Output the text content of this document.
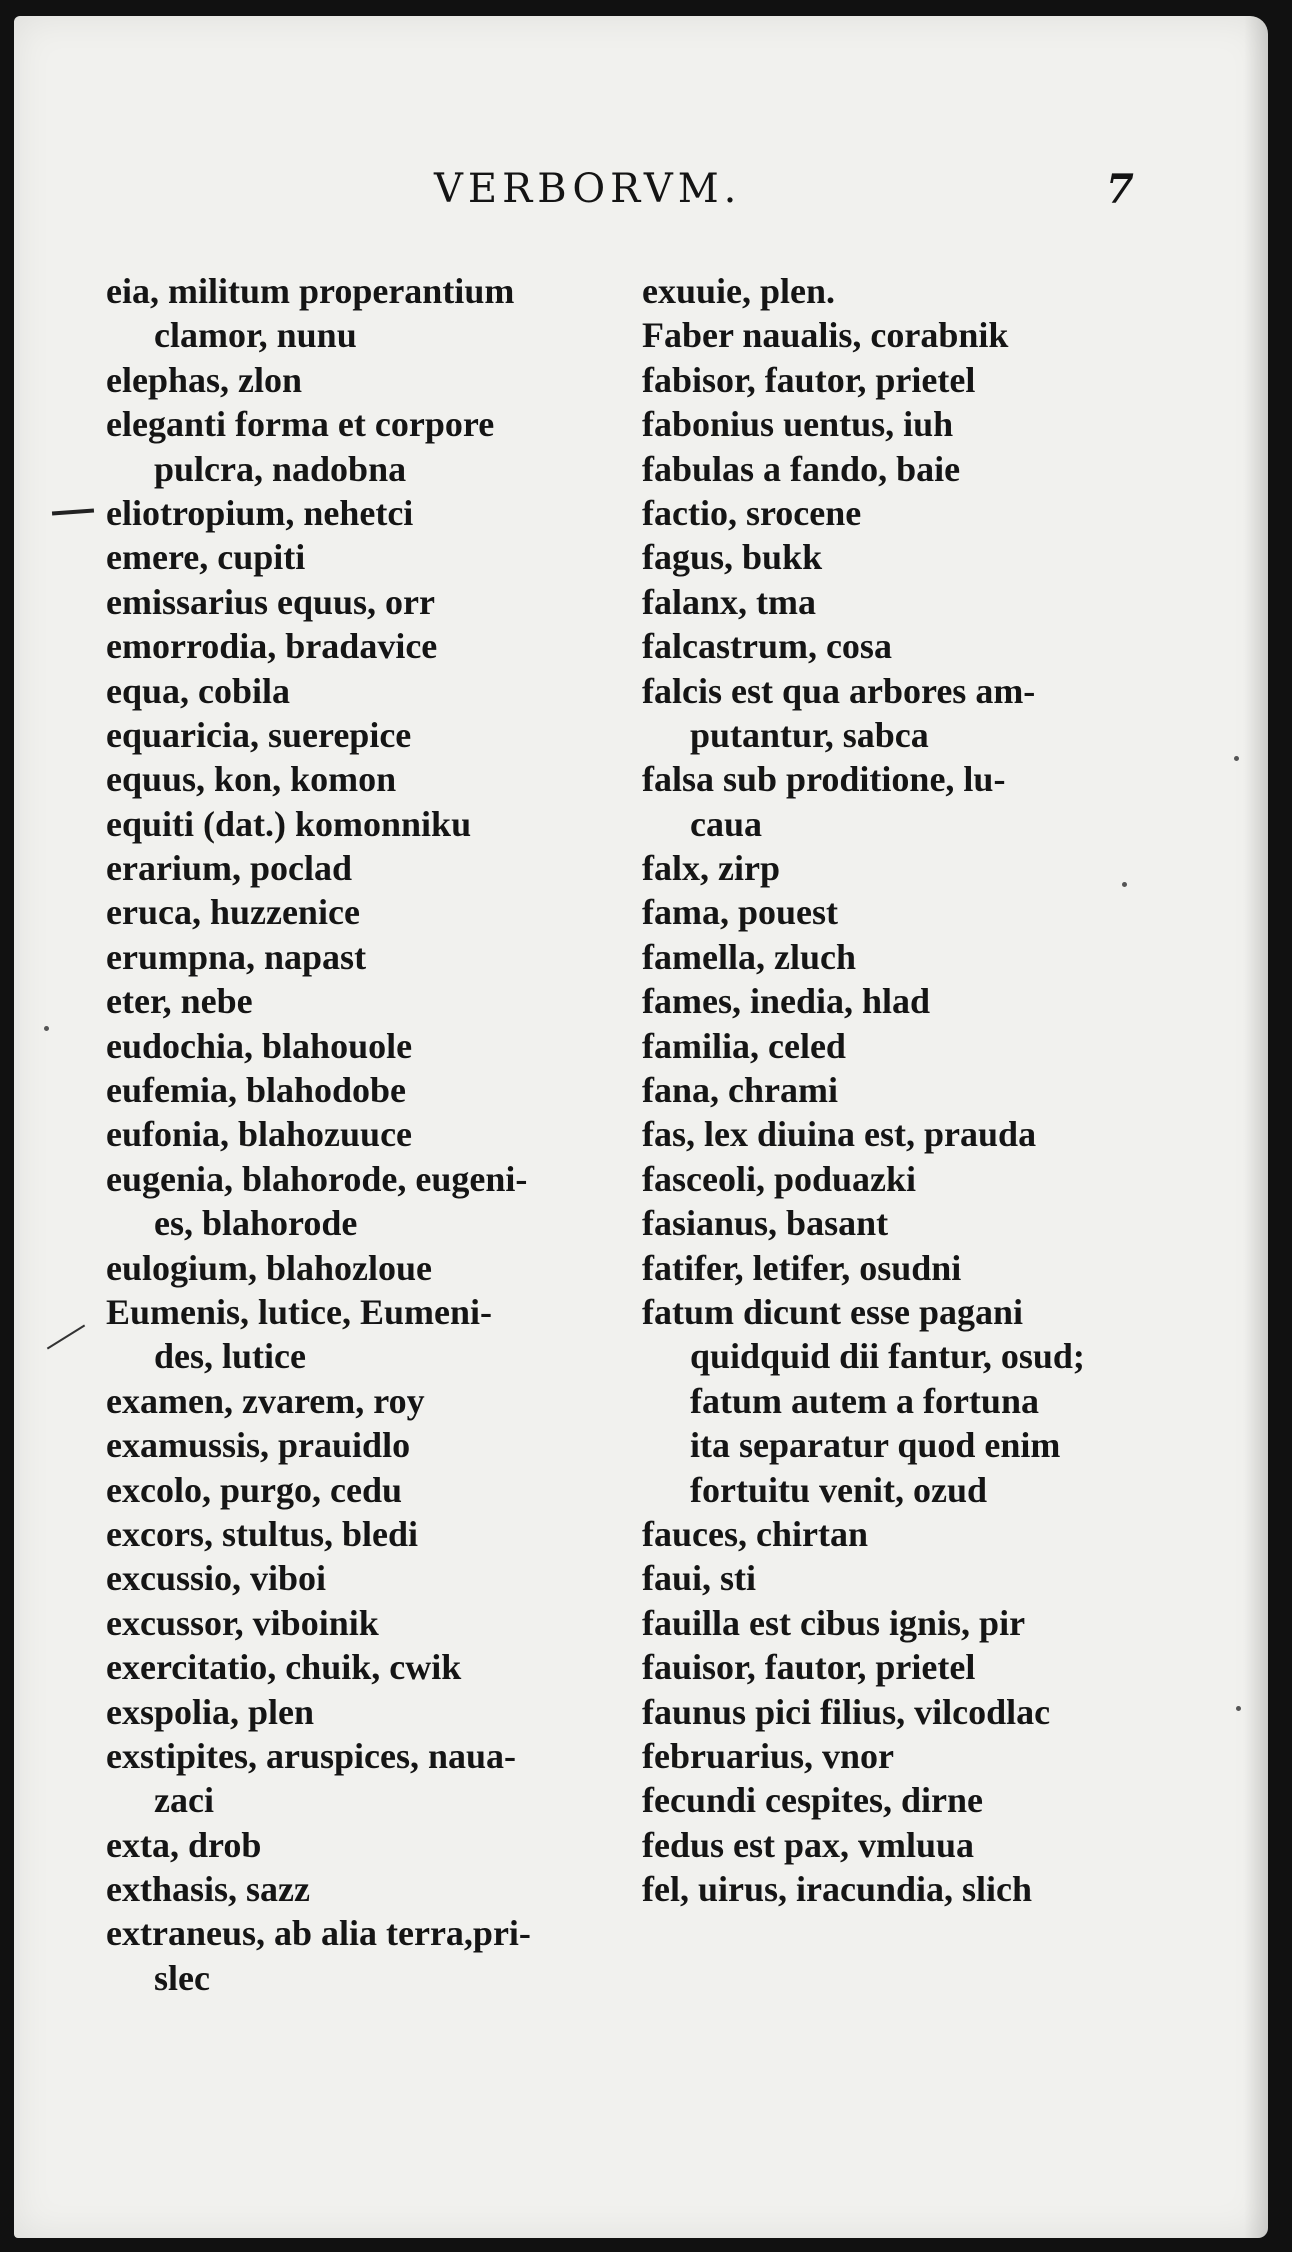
VERBORVM.	7
eia, militum properantium
clamor, nunu
elephas, zlon
eleganti forma et corpore
pulcra, nadobna
eliotropium, nehetci
emere, cupiti
emissarius equus, orr
emorrodia, bradavice
equa, cobila
equaricia, suerepice
equus, kon, komon
equiti (dat.) komonniku
erarium, poclad
eruca, huzzenice
erumpna, napast
eter, nebe
eudochia, blahouole
eufemia, blahodobe
eufonia, blahozuuce
eugenia, blahorode, eugeni-
es, blahorode
eulogium, blahozloue
Eumenis, lutice, Eumeni-
des, lutice
examen, zvarem, roy
examussis, prauidlo
excolo, purgo, cedu
excors, stultus, bledi
excussio, viboi
excussor, viboinik
exercitatio, chuik, cwik
exspolia, plen
exstipites, aruspices, naua-
zaci
exta, drob
exthasis, sazz
extraneus, ab alia terra,pri-
slec
exuuie, plen.
Faber naualis, corabnik
fabisor, fautor, prietel
fabonius uentus, iuh
fabulas a fando, baie
factio, srocene
fagus, bukk
falanx, tma
falcastrum, cosa
falcis est qua arbores am-
putantur, sabca
falsa sub proditione, lu-
caua
falx, zirp
fama, pouest
famella, zluch
fames, inedia, hlad
familia, celed
fana, chrami
fas, lex diuina est, prauda
fasceoli, poduazki
fasianus, basant
fatifer, letifer, osudni
fatum dicunt esse pagani
quidquid dii fantur, osud;
fatum autem a fortuna
ita separatur quod enim
fortuitu venit, ozud
fauces, chirtan
faui, sti
fauilla est cibus ignis, pir
fauisor, fautor, prietel
faunus pici filius, vilcodlac
februarius, vnor
fecundi cespites, dirne
fedus est pax, vmluua
fel, uirus, iracundia, slich
